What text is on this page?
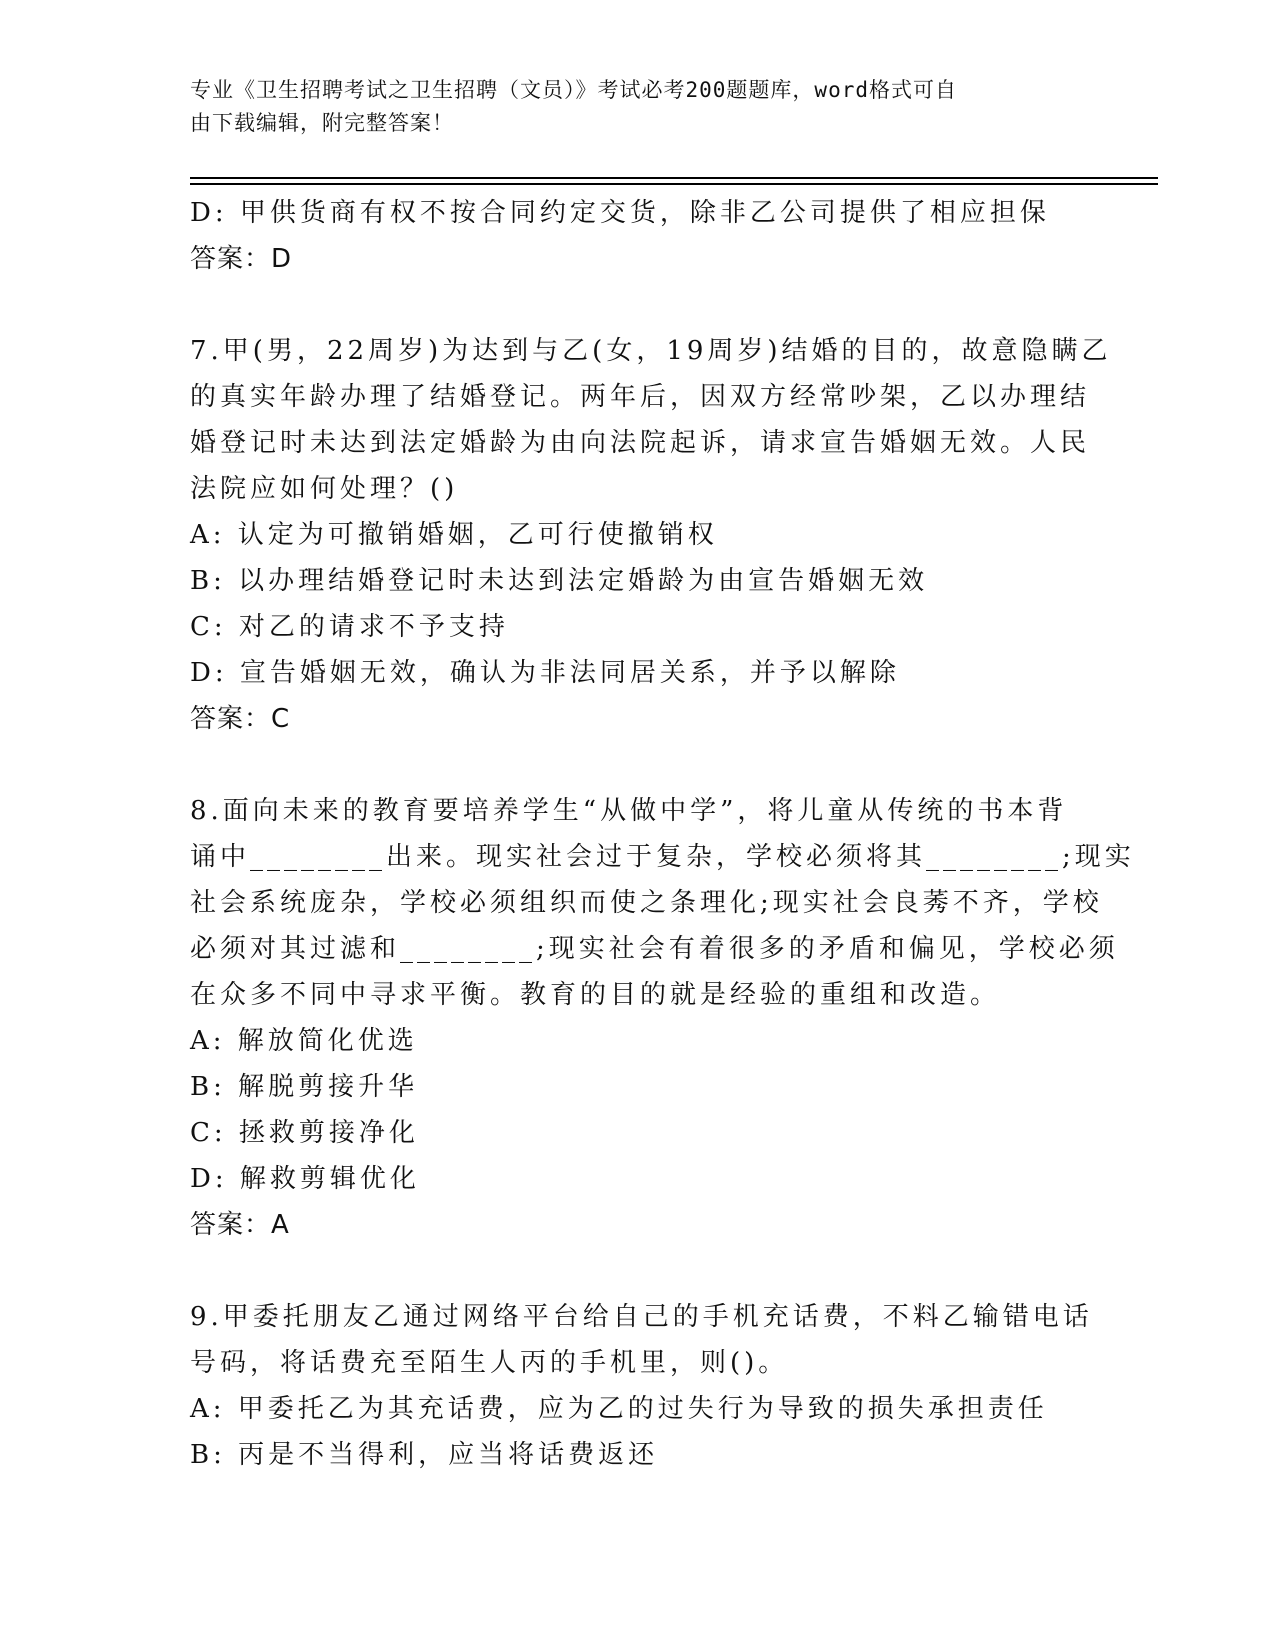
专业《卫生招聘考试之卫生招聘（文员）》考试必考200题题库，word格式可自
由下载编辑，附完整答案！
D: 甲供货商有权不按合同约定交货，除非乙公司提供了相应担保
答案：D
7.甲(男，22周岁)为达到与乙(女，19周岁)结婚的目的，故意隐瞒乙
的真实年龄办理了结婚登记。两年后，因双方经常吵架，乙以办理结
婚登记时未达到法定婚龄为由向法院起诉，请求宣告婚姻无效。人民
法院应如何处理？()
A: 认定为可撤销婚姻，乙可行使撤销权
B: 以办理结婚登记时未达到法定婚龄为由宣告婚姻无效
C: 对乙的请求不予支持
D: 宣告婚姻无效，确认为非法同居关系，并予以解除
答案：C
8.面向未来的教育要培养学生“从做中学”，将儿童从传统的书本背
诵中________出来。现实社会过于复杂，学校必须将其________;现实
社会系统庞杂，学校必须组织而使之条理化;现实社会良莠不齐，学校
必须对其过滤和________;现实社会有着很多的矛盾和偏见，学校必须
在众多不同中寻求平衡。教育的目的就是经验的重组和改造。
A: 解放简化优选
B: 解脱剪接升华
C: 拯救剪接净化
D: 解救剪辑优化
答案：A
9.甲委托朋友乙通过网络平台给自己的手机充话费，不料乙输错电话
号码，将话费充至陌生人丙的手机里，则()。
A: 甲委托乙为其充话费，应为乙的过失行为导致的损失承担责任
B: 丙是不当得利，应当将话费返还
